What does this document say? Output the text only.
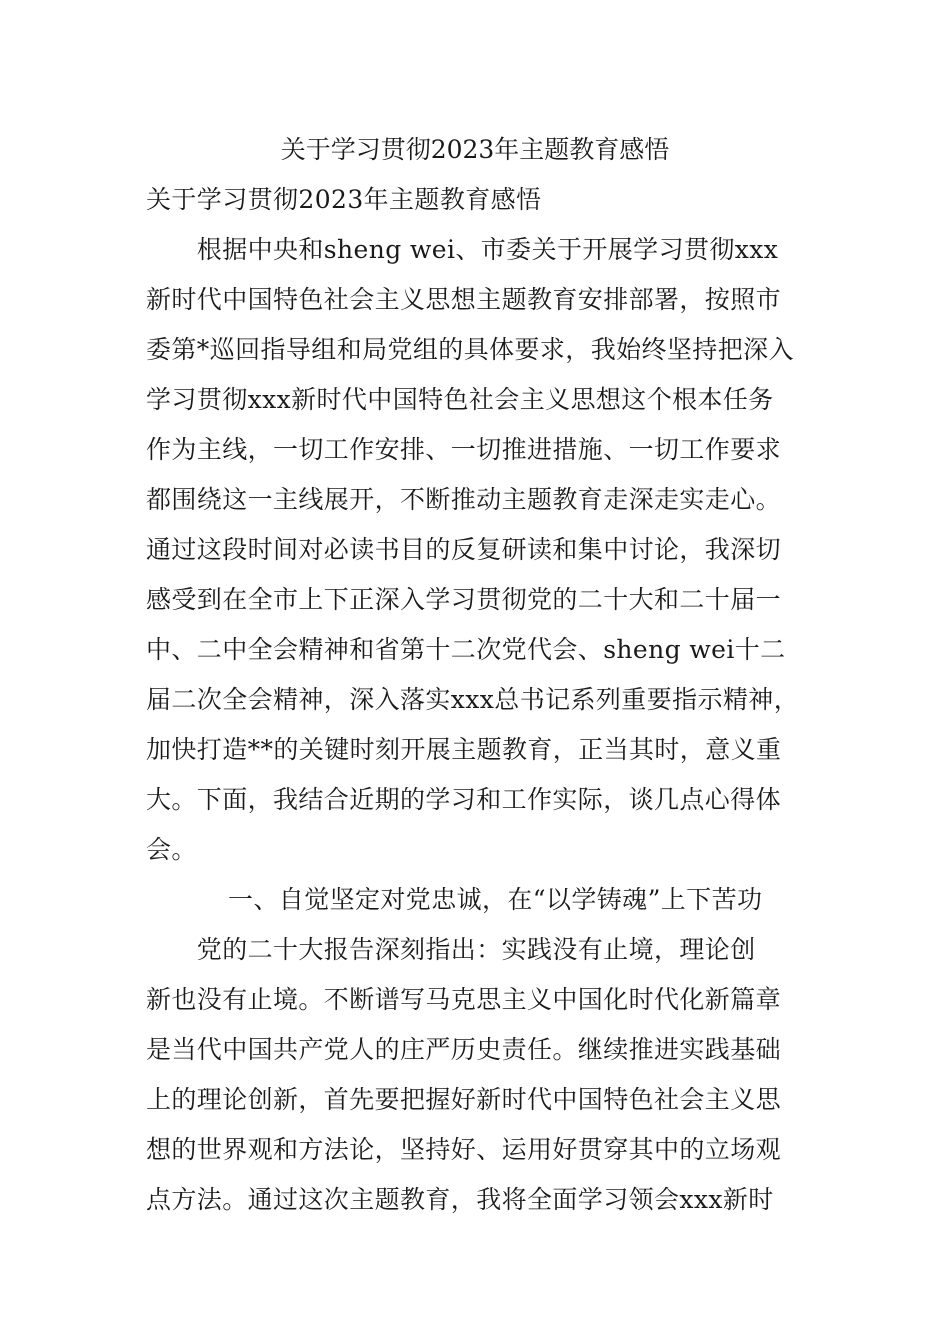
关于学习贯彻2023年主题教育感悟
关于学习贯彻2023年主题教育感悟
　　根据中央和sheng wei、市委关于开展学习贯彻xxx
新时代中国特色社会主义思想主题教育安排部署，按照市
委第*巡回指导组和局党组的具体要求，我始终坚持把深入
学习贯彻xxx新时代中国特色社会主义思想这个根本任务
作为主线，一切工作安排、一切推进措施、一切工作要求
都围绕这一主线展开，不断推动主题教育走深走实走心。
通过这段时间对必读书目的反复研读和集中讨论，我深切
感受到在全市上下正深入学习贯彻党的二十大和二十届一
中、二中全会精神和省第十二次党代会、sheng wei十二
届二次全会精神，深入落实xxx总书记系列重要指示精神，
加快打造**的关键时刻开展主题教育，正当其时，意义重
大。下面，我结合近期的学习和工作实际，谈几点心得体
会。
一、自觉坚定对党忠诚，在“以学铸魂”上下苦功
　　党的二十大报告深刻指出：实践没有止境，理论创
新也没有止境。不断谱写马克思主义中国化时代化新篇章
是当代中国共产党人的庄严历史责任。继续推进实践基础
上的理论创新，首先要把握好新时代中国特色社会主义思
想的世界观和方法论，坚持好、运用好贯穿其中的立场观
点方法。通过这次主题教育，我将全面学习领会xxx新时
